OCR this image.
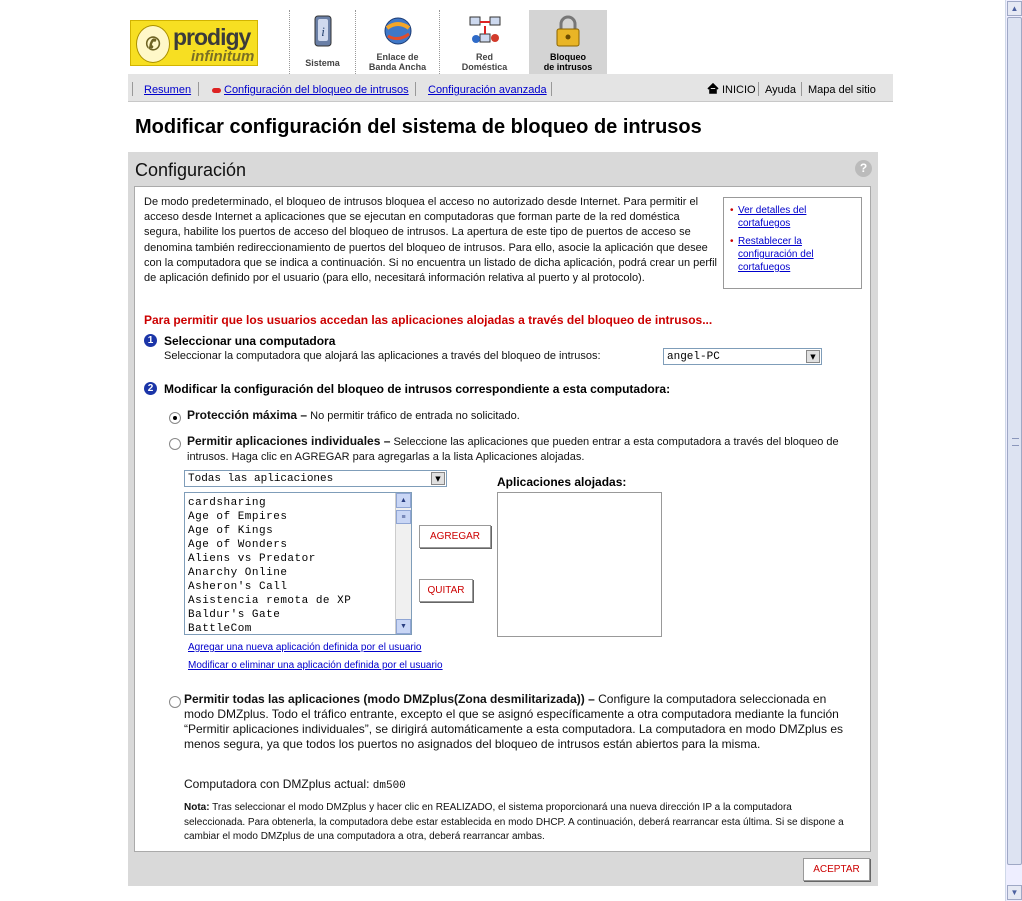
✆ prodigy
infinitum
i
Sistema
Enlace de
Banda Ancha
Red
Doméstica
Bloqueo
de intrusos
Resumen	Configuración del bloqueo de intrusos Configuración avanzada	INICIO Ayuda Mapa del sitio
Modificar configuración del sistema de bloqueo de intrusos
Configuración	?

De modo predeterminado, el bloqueo de intrusos bloquea el acceso no autorizado desde Internet. Para permitir el acceso desde Internet a aplicaciones que se ejecutan en computadoras que forman parte de la red doméstica segura, habilite los puertos de acceso del bloqueo de intrusos. La apertura de este tipo de puertos de acceso se denomina también redireccionamiento de puertos del bloqueo de intrusos. Para ello, asocie la aplicación que desee con la computadora que se indica a continuación. Si no encuentra un listado de dicha aplicación, podrá crear un perfil de aplicación definido por el usuario (para ello, necesitará información relativa al puerto y al protocolo).

• Ver detalles del cortafuegos
• Restablecer la configuración del cortafuegos
Para permitir que los usuarios accedan las aplicaciones alojadas a través del bloqueo de intrusos...
1 Seleccionar una computadora
Seleccionar la computadora que alojará las aplicaciones a través del bloqueo de intrusos:	angel-PC	▼
2 Modificar la configuración del bloqueo de intrusos correspondiente a esta computadora:
Protección máxima – No permitir tráfico de entrada no solicitado.
Permitir aplicaciones individuales – Seleccione las aplicaciones que pueden entrar a esta computadora a través del bloqueo de intrusos. Haga clic en AGREGAR para agregarlas a la lista Aplicaciones alojadas.
Todas las aplicaciones	▼
cardsharing
Age of Empires
Age of Kings
Age of Wonders
Aliens vs Predator
Anarchy Online
Asheron's Call
Asistencia remota de XP
Baldur's Gate
BattleCom
▲
≡
▼
AGREGAR
QUITAR
Aplicaciones alojadas:
Agregar una nueva aplicación definida por el usuario
Modificar o eliminar una aplicación definida por el usuario
Permitir todas las aplicaciones (modo DMZplus(Zona desmilitarizada)) – Configure la computadora seleccionada en modo DMZplus. Todo el tráfico entrante, excepto el que se asignó específicamente a otra computadora mediante la función “Permitir aplicaciones individuales”, se dirigirá automáticamente a esta computadora. La computadora en modo DMZplus es menos segura, ya que todos los puertos no asignados del bloqueo de intrusos están abiertos para la misma.
Computadora con DMZplus actual: dm500
Nota: Tras seleccionar el modo DMZplus y hacer clic en REALIZADO, el sistema proporcionará una nueva dirección IP a la computadora seleccionada. Para obtenerla, la computadora debe estar establecida en modo DHCP. A continuación, deberá rearrancar esta última. Si se dispone a cambiar el modo DMZplus de una computadora a otra, deberá rearrancar ambas.
ACEPTAR
▲
▼
